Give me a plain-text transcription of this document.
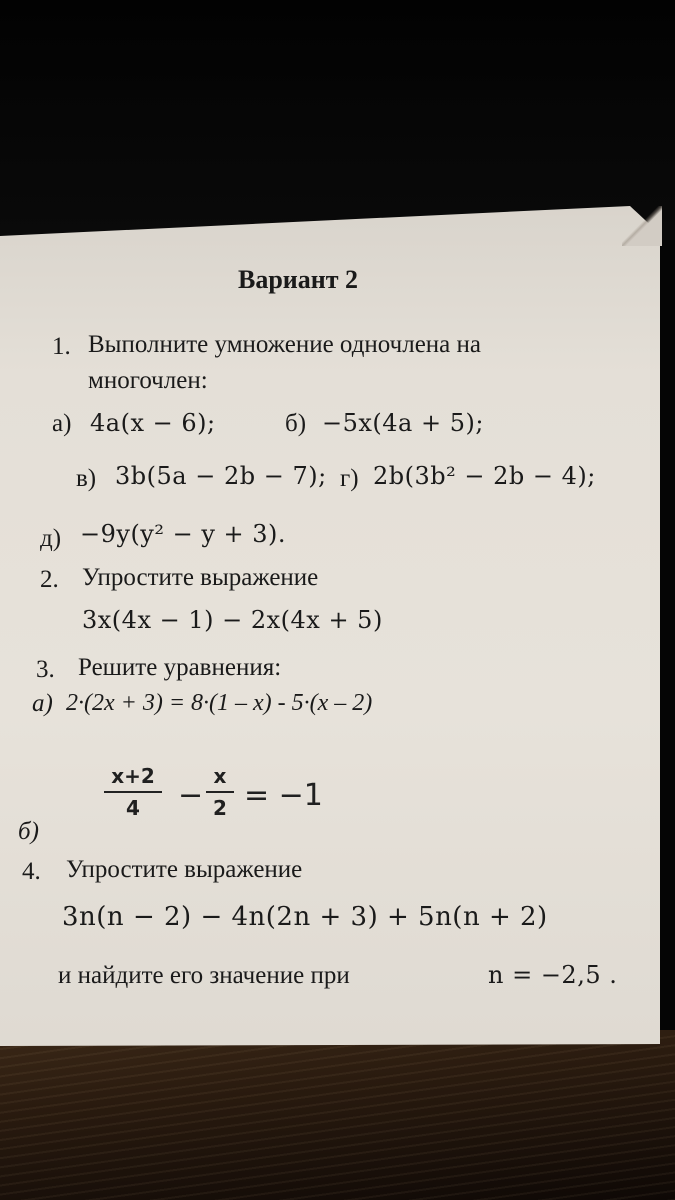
Вариант 2
1. Выполните умножение одночлена на
многочлен:
а) 4a(x − 6);	б) −5x(4a + 5);
в) 3b(5a − 2b − 7); г) 2b(3b² − 2b − 4);
д) −9y(y² − y + 3).
2. Упростите выражение
3x(4x − 1) − 2x(4x + 5)
3. Решите уравнения:
а) 2·(2x + 3) = 8·(1 – x) - 5·(x – 2)
б)
x+2
4	−
x
2 = −1
4. Упростите выражение
3n(n − 2) − 4n(2n + 3) + 5n(n + 2)
и найдите его значение при	n = −2,5 .
